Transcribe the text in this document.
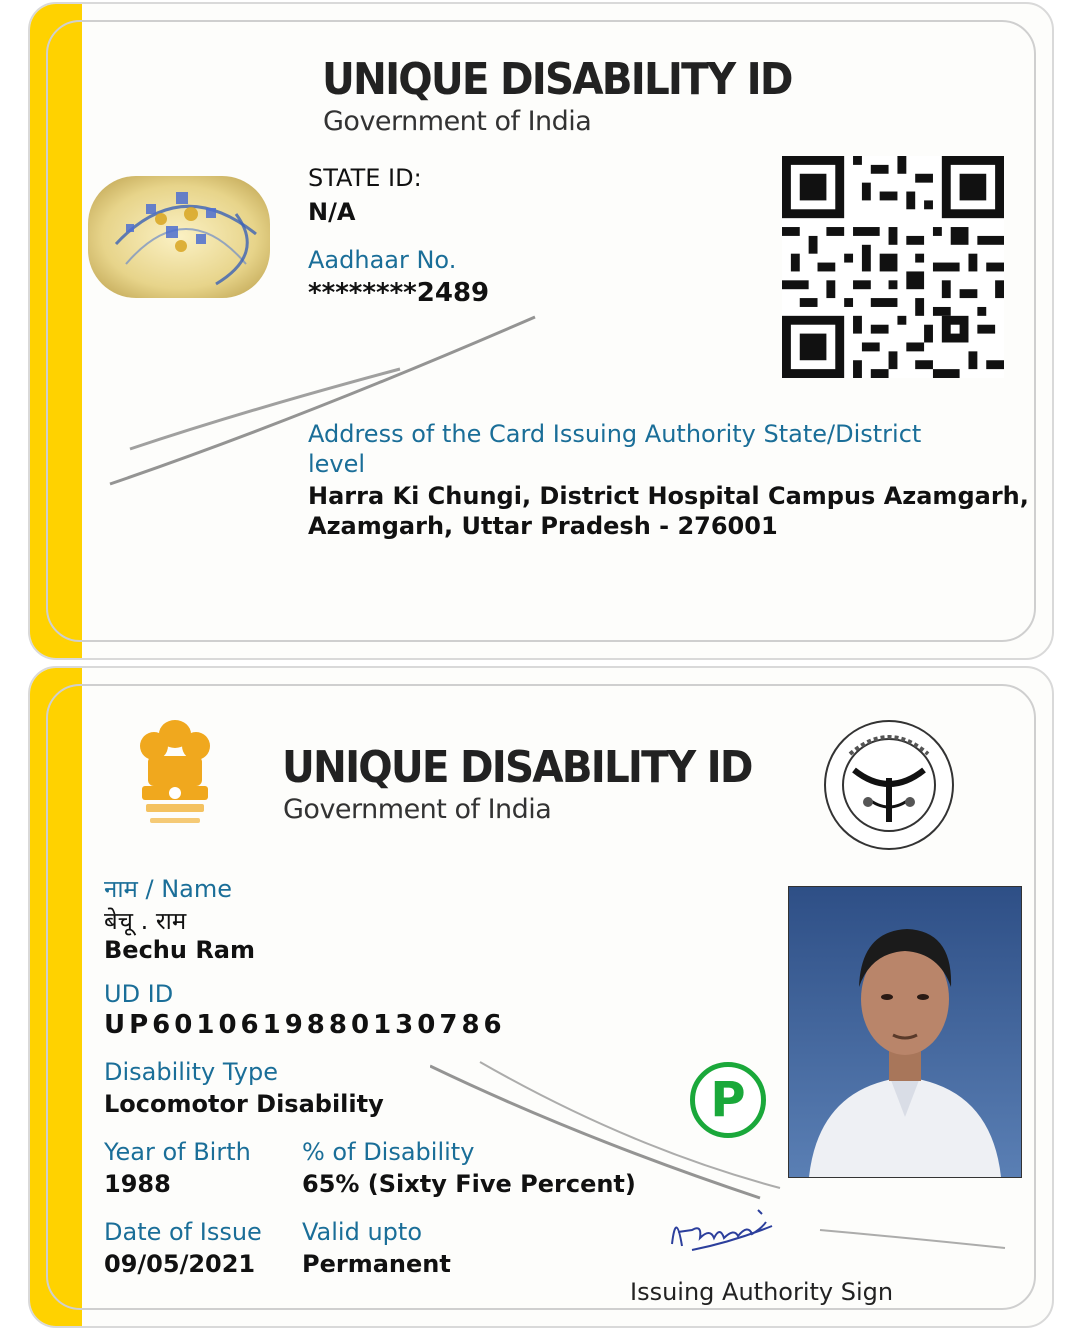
UNIQUE DISABILITY ID
Government of India
STATE ID:
N/A
Aadhaar No.
********2489
Address of the Card Issuing Authority State/District
level
Harra Ki Chungi, District Hospital Campus Azamgarh,
Azamgarh, Uttar Pradesh - 276001
UNIQUE DISABILITY ID
Government of India
नाम / Name
बेचू . राम
Bechu Ram
UD ID
UP6010619880130786
Disability Type
Locomotor Disability
Year of Birth
1988
% of Disability
65% (Sixty Five Percent)
Date of Issue
09/05/2021
Valid upto
Permanent
P
Issuing Authority Sign
